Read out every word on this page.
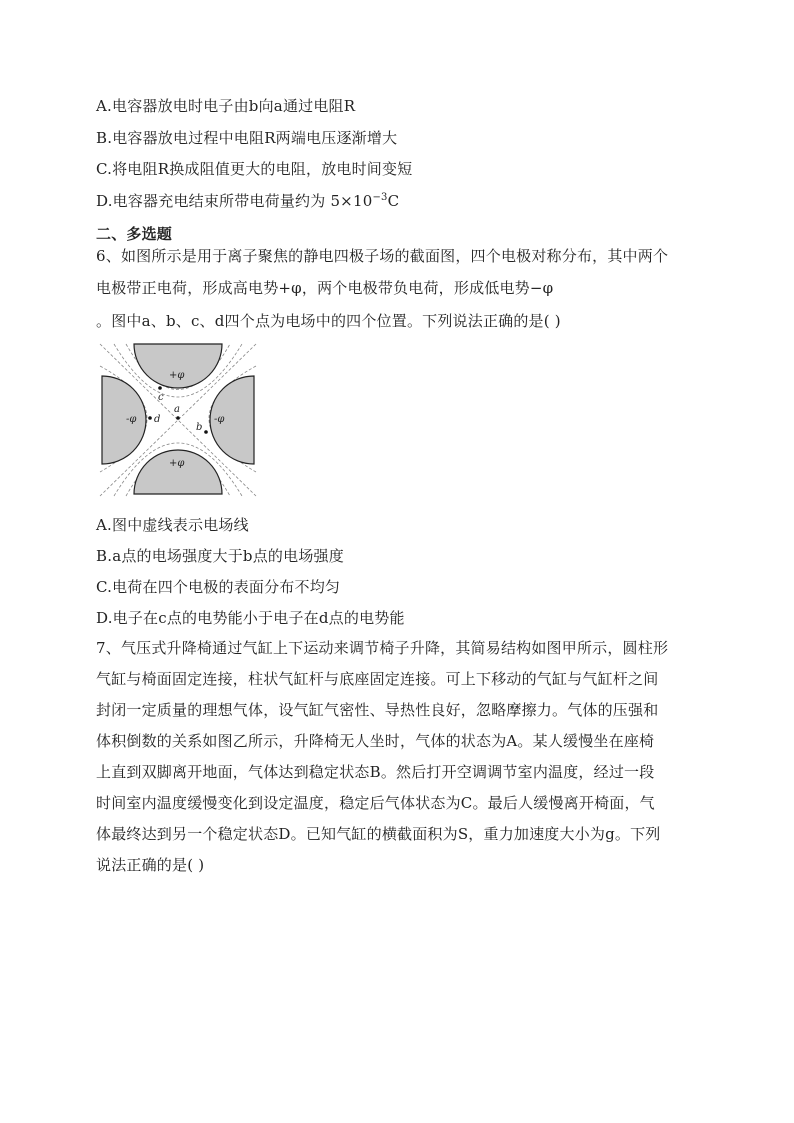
A.电容器放电时电子由b向a通过电阻R
B.电容器放电过程中电阻R两端电压逐渐增大
C.将电阻R换成阻值更大的电阻，放电时间变短
D.电容器充电结束所带电荷量约为 $5\times 10^{-3}C$
二、多选题
6、如图所示是用于离子聚焦的静电四极子场的截面图，四个电极对称分布，其中两个
电极带正电荷，形成高电势+φ，两个电极带负电荷，形成低电势−φ
。图中a、b、c、d四个点为电场中的四个位置。下列说法正确的是( )
+φ
+φ
-φ	-φ
c
a
b
d
A.图中虚线表示电场线
B.a点的电场强度大于b点的电场强度
C.电荷在四个电极的表面分布不均匀
D.电子在c点的电势能小于电子在d点的电势能
7、气压式升降椅通过气缸上下运动来调节椅子升降，其简易结构如图甲所示，圆柱形
气缸与椅面固定连接，柱状气缸杆与底座固定连接。可上下移动的气缸与气缸杆之间
封闭一定质量的理想气体，设气缸气密性、导热性良好，忽略摩擦力。气体的压强和
体积倒数的关系如图乙所示，升降椅无人坐时，气体的状态为A。某人缓慢坐在座椅
上直到双脚离开地面，气体达到稳定状态B。然后打开空调调节室内温度，经过一段
时间室内温度缓慢变化到设定温度，稳定后气体状态为C。最后人缓慢离开椅面，气
体最终达到另一个稳定状态D。已知气缸的横截面积为S，重力加速度大小为g。下列
说法正确的是( )
